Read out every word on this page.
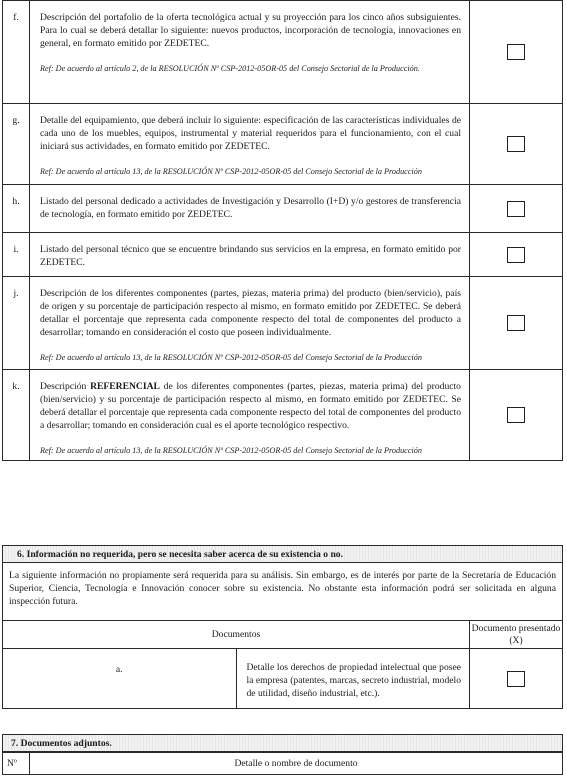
f.	Descripción del portafolio de la oferta tecnológica actual y su proyección para los cinco años subsiguientes. Para lo cual se deberá detallar lo siguiente: nuevos productos, incorporación de tecnología, innovaciones en general, en formato emitido por ZEDETEC.
Ref: De acuerdo al artículo 2, de la RESOLUCIÓN Nº CSP-2012-05OR-05 del Consejo Sectorial de la Producción.	

g.	Detalle del equipamiento, que deberá incluir lo siguiente: especificación de las características individuales de cada uno de los muebles, equipos, instrumental y material requeridos para el funcionamiento, con el cual iniciará sus actividades, en formato emitido por ZEDETEC.
Ref: De acuerdo al artículo 13, de la RESOLUCIÓN Nº CSP-2012-05OR-05 del Consejo Sectorial de la Producción	

h.	Listado del personal dedicado a actividades de Investigación y Desarrollo (I+D) y/o gestores de transferencia de tecnología, en formato emitido por ZEDETEC.	

i.	Listado del personal técnico que se encuentre brindando sus servicios en la empresa, en formato emitido por ZEDETEC.	

j.	Descripción de los diferentes componentes (partes, piezas, materia prima) del producto (bien/servicio), país de origen y su porcentaje de participación respecto al mismo, en formato emitido por ZEDETEC. Se deberá detallar el porcentaje que representa cada componente respecto del total de componentes del producto a desarrollar; tomando en consideración el costo que poseen individualmente.
Ref: De acuerdo al artículo 13, de la RESOLUCIÓN Nº CSP-2012-05OR-05 del Consejo Sectorial de la Producción	

k.	Descripción REFERENCIAL de los diferentes componentes (partes, piezas, materia prima) del producto (bien/servicio) y su porcentaje de participación respecto al mismo, en formato emitido por ZEDETEC. Se deberá detallar el porcentaje que representa cada componente respecto del total de componentes del producto a desarrollar; tomando en consideración cual es el aporte tecnológico respectivo.
Ref: De acuerdo al artículo 13, de la RESOLUCIÓN Nº CSP-2012-05OR-05 del Consejo Sectorial de la Producción	

6. Información no requerida, pero se necesita saber acerca de su existencia o no.
La siguiente información no propiamente será requerida para su análisis. Sin embargo, es de interés por parte de la Secretaría de Educación Superior, Ciencia, Tecnología e Innovación conocer sobre su existencia. No obstante esta información podrá ser solicitada en alguna inspección futura.
Documentos		Documento presentado (X)
a.	Detalle los derechos de propiedad intelectual que posee la empresa (patentes, marcas, secreto industrial, modelo de utilidad, diseño industrial, etc.).	
7. Documentos adjuntos.
Nº	Detalle o nombre de documento
